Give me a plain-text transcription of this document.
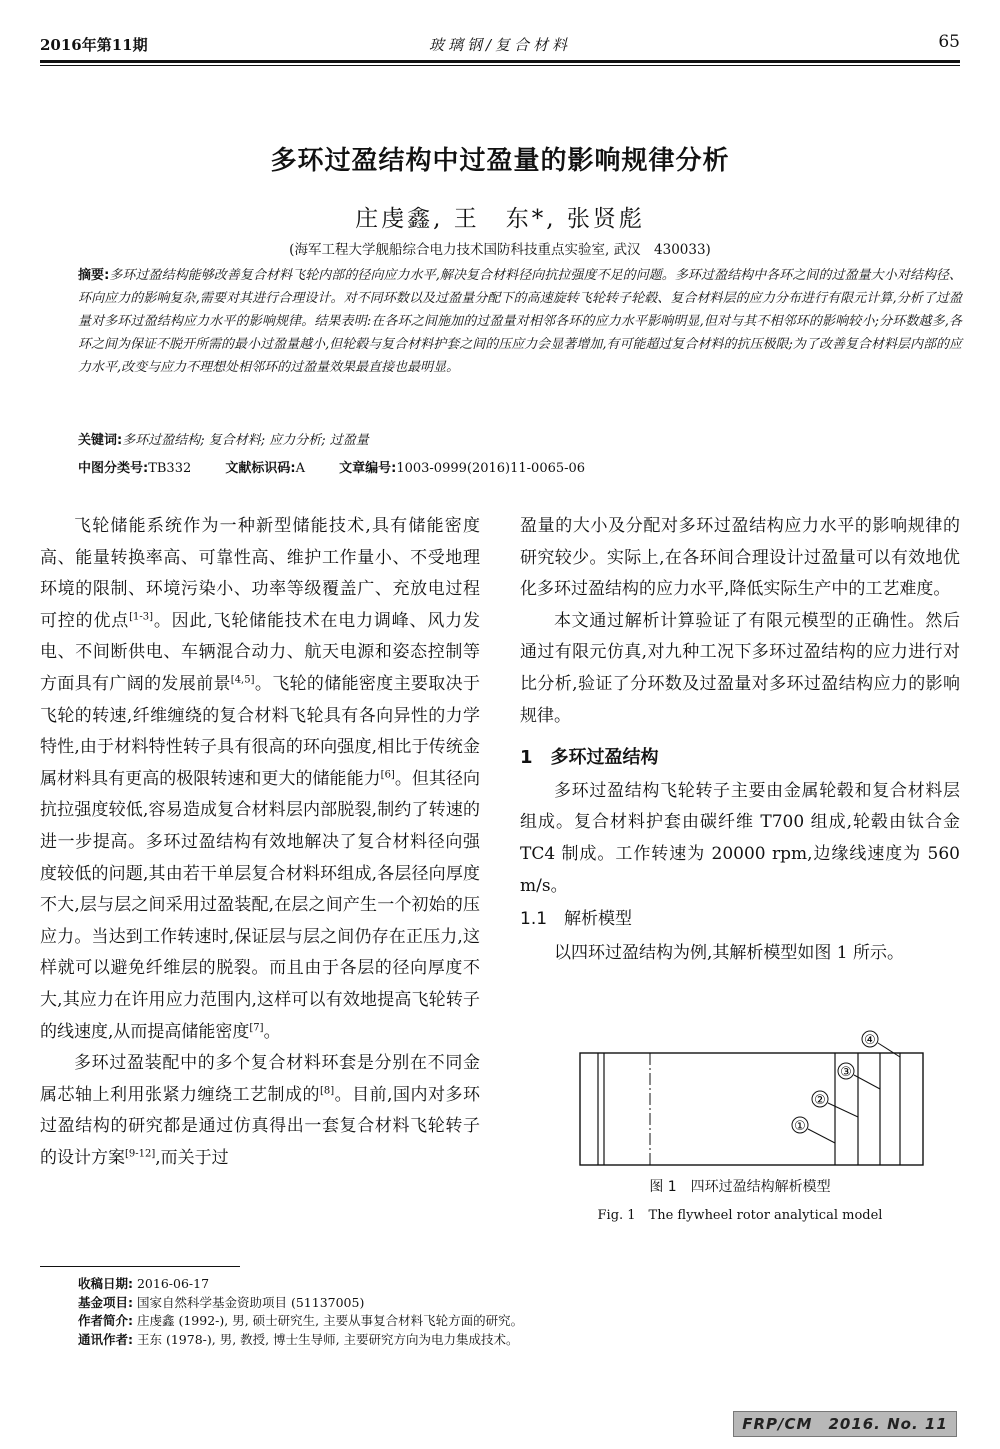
2016年第11期	玻璃钢/复合材料	65
多环过盈结构中过盈量的影响规律分析
庄虔鑫, 王　东*, 张贤彪
(海军工程大学舰船综合电力技术国防科技重点实验室, 武汉　430033)
摘要:多环过盈结构能够改善复合材料飞轮内部的径向应力水平,解决复合材料径向抗拉强度不足的问题。多环过盈结构中各环之间的过盈量大小对结构径、环向应力的影响复杂,需要对其进行合理设计。对不同环数以及过盈量分配下的高速旋转飞轮转子轮毂、复合材料层的应力分布进行有限元计算,分析了过盈量对多环过盈结构应力水平的影响规律。结果表明:在各环之间施加的过盈量对相邻各环的应力水平影响明显,但对与其不相邻环的影响较小;分环数越多,各环之间为保证不脱开所需的最小过盈量越小,但轮毂与复合材料护套之间的压应力会显著增加,有可能超过复合材料的抗压极限;为了改善复合材料层内部的应力水平,改变与应力不理想处相邻环的过盈量效果最直接也最明显。
关键词:多环过盈结构; 复合材料; 应力分析; 过盈量
中图分类号:TB332	文献标识码:A	文章编号:1003-0999(2016)11-0065-06

飞轮储能系统作为一种新型储能技术,具有储能密度高、能量转换率高、可靠性高、维护工作量小、不受地理环境的限制、环境污染小、功率等级覆盖广、充放电过程可控的优点[1-3]。因此,飞轮储能技术在电力调峰、风力发电、不间断供电、车辆混合动力、航天电源和姿态控制等方面具有广阔的发展前景[4,5]。飞轮的储能密度主要取决于飞轮的转速,纤维缠绕的复合材料飞轮具有各向异性的力学特性,由于材料特性转子具有很高的环向强度,相比于传统金属材料具有更高的极限转速和更大的储能能力[6]。但其径向抗拉强度较低,容易造成复合材料层内部脱裂,制约了转速的进一步提高。多环过盈结构有效地解决了复合材料径向强度较低的问题,其由若干单层复合材料环组成,各层径向厚度不大,层与层之间采用过盈装配,在层之间产生一个初始的压应力。当达到工作转速时,保证层与层之间仍存在正压力,这样就可以避免纤维层的脱裂。而且由于各层的径向厚度不大,其应力在许用应力范围内,这样可以有效地提高飞轮转子的线速度,从而提高储能密度[7]。

多环过盈装配中的多个复合材料环套是分别在不同金属芯轴上利用张紧力缠绕工艺制成的[8]。目前,国内对多环过盈结构的研究都是通过仿真得出一套复合材料飞轮转子的设计方案[9-12],而关于过

盈量的大小及分配对多环过盈结构应力水平的影响规律的研究较少。实际上,在各环间合理设计过盈量可以有效地优化多环过盈结构的应力水平,降低实际生产中的工艺难度。

本文通过解析计算验证了有限元模型的正确性。然后通过有限元仿真,对九种工况下多环过盈结构的应力进行对比分析,验证了分环数及过盈量对多环过盈结构应力的影响规律。

1　多环过盈结构

多环过盈结构飞轮转子主要由金属轮毂和复合材料层组成。复合材料护套由碳纤维 T700 组成,轮毂由钛合金 TC4 制成。工作转速为 20000 rpm,边缘线速度为 560 m/s。

1.1　解析模型

以四环过盈结构为例,其解析模型如图 1 所示。

①
②
③
④
图 1　四环过盈结构解析模型
Fig. 1　The flywheel rotor analytical model
收稿日期: 2016-06-17
基金项目: 国家自然科学基金资助项目 (51137005)
作者简介: 庄虔鑫 (1992-), 男, 硕士研究生, 主要从事复合材料飞轮方面的研究。
通讯作者: 王东 (1978-), 男, 教授, 博士生导师, 主要研究方向为电力集成技术。
FRP/CM　2016. No. 11
